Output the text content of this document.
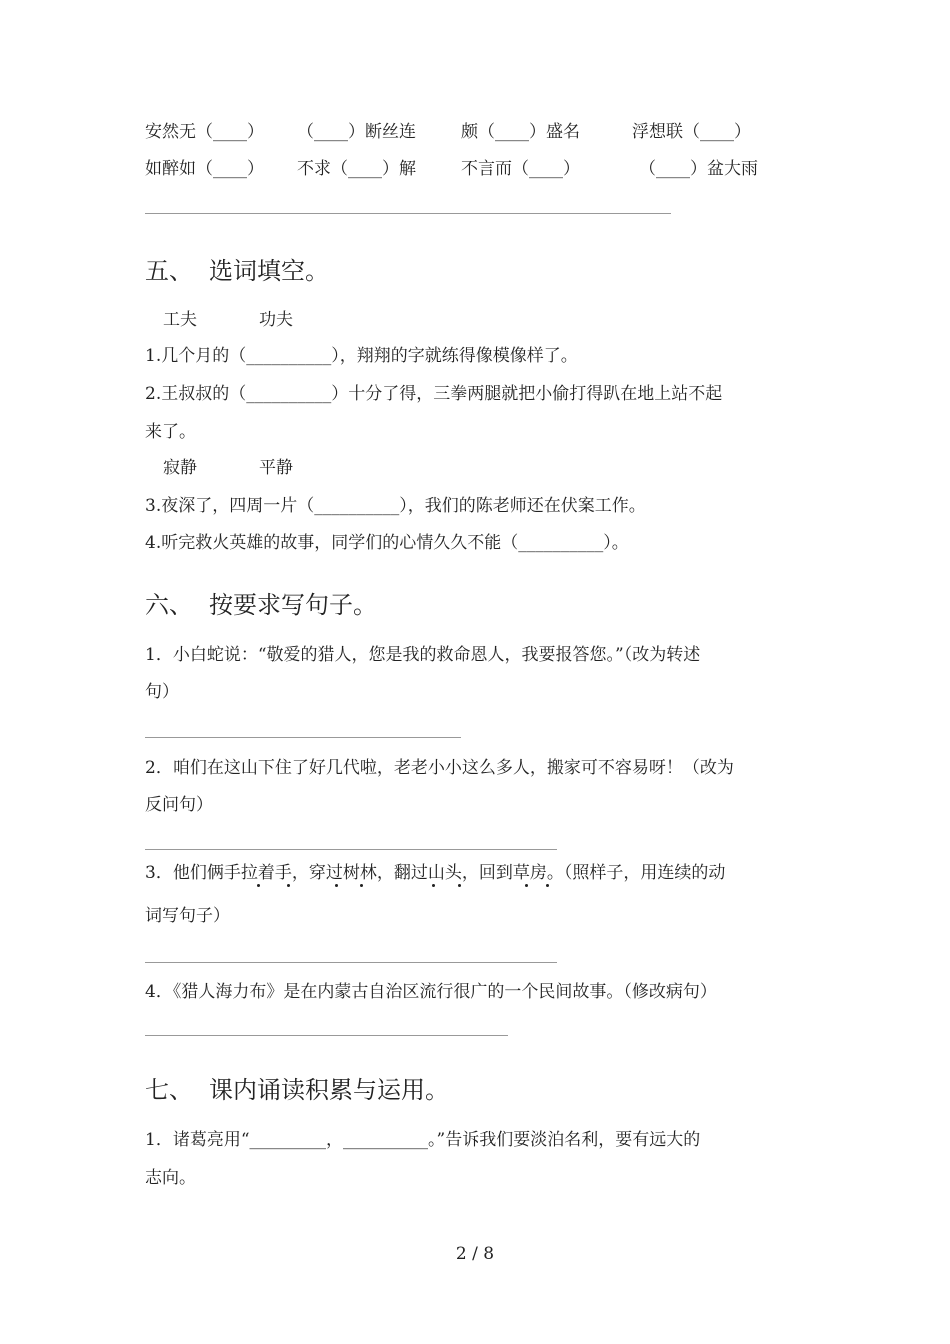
安然无（____） （____）断丝连	颇（____）盛名	浮想联（____）
如醉如（____） 不求（____）解	不言而（____）	（____）盆大雨
五、 选词填空。
工夫	功夫
1.几个月的（__________），翔翔的字就练得像模像样了。
2.王叔叔的（__________）十分了得，三拳两腿就把小偷打得趴在地上站不起
来了。
寂静	平静
3.夜深了，四周一片（__________），我们的陈老师还在伏案工作。
4.听完救火英雄的故事，同学们的心情久久不能（__________）。
六、 按要求写句子。
1．小白蛇说：“敬爱的猎人，您是我的救命恩人，我要报答您。”（改为转述
句）
2．咱们在这山下住了好几代啦，老老小小这么多人，搬家可不容易呀！（改为
反问句）
3．他们俩手拉着手，穿过树林，翻过山头，回到草房。（照样子，用连续的动
词写句子）
4．《猎人海力布》是在内蒙古自治区流行很广的一个民间故事。（修改病句）
七、 课内诵读积累与运用。
1．诸葛亮用“_________，__________。”告诉我们要淡泊名利，要有远大的
志向。
2 / 8
